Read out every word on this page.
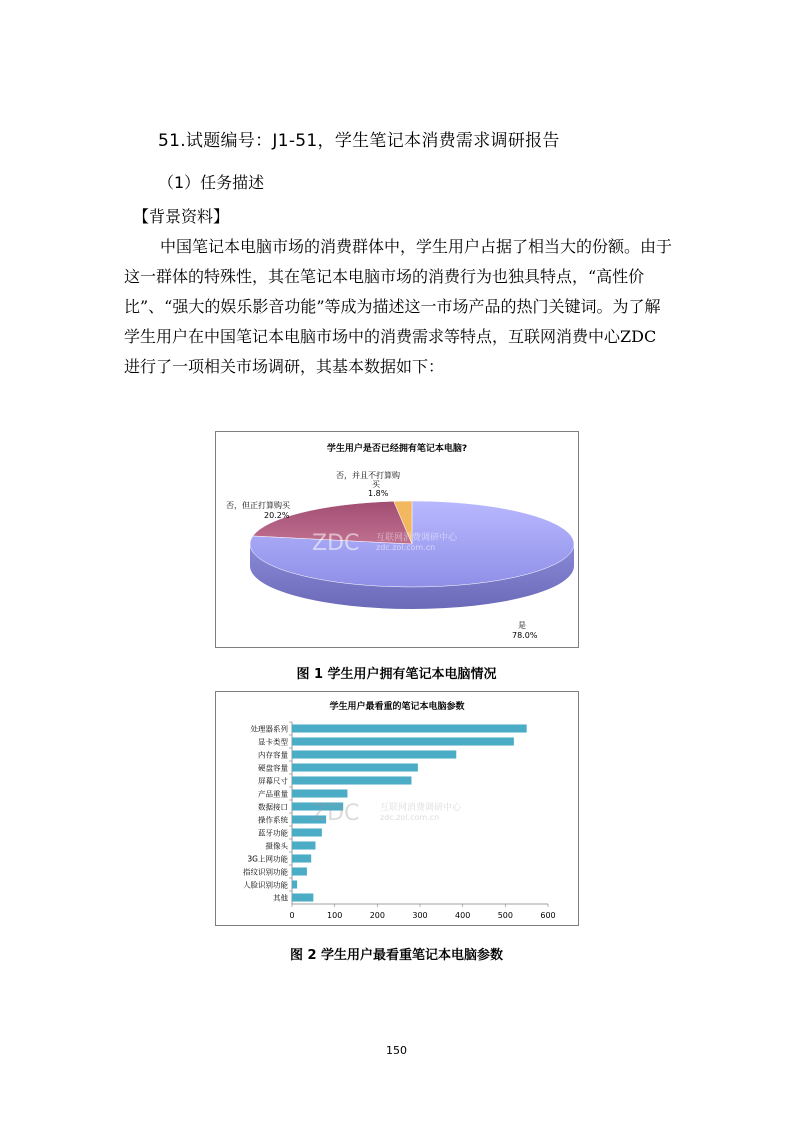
51.试题编号：J1-51，学生笔记本消费需求调研报告
（1）任务描述
【背景资料】
中国笔记本电脑市场的消费群体中，学生用户占据了相当大的份额。由于这一群体的特殊性，其在笔记本电脑市场的消费行为也独具特点，“高性价比”、“强大的娱乐影音功能”等成为描述这一市场产品的热门关键词。为了解学生用户在中国笔记本电脑市场中的消费需求等特点，互联网消费中心ZDC进行了一项相关市场调研，其基本数据如下：
学生用户是否已经拥有笔记本电脑?
ZDC 互联网消费调研中心
zdc.zol.com.cn
否，并且不打算购
买
1.8%
否，但正打算购买
20.2%
是
78.0%
图 1 学生用户拥有笔记本电脑情况
学生用户最看重的笔记本电脑参数
处理器系列
显卡类型
内存容量
硬盘容量
屏幕尺寸
产品重量
数据接口
操作系统
蓝牙功能
摄像头
3G上网功能
指纹识别功能
人脸识别功能
其他
0	100	200	300	400	500	600
ZDC 互联网消费调研中心
zdc.zol.com.cn
图 2 学生用户最看重笔记本电脑参数
150
